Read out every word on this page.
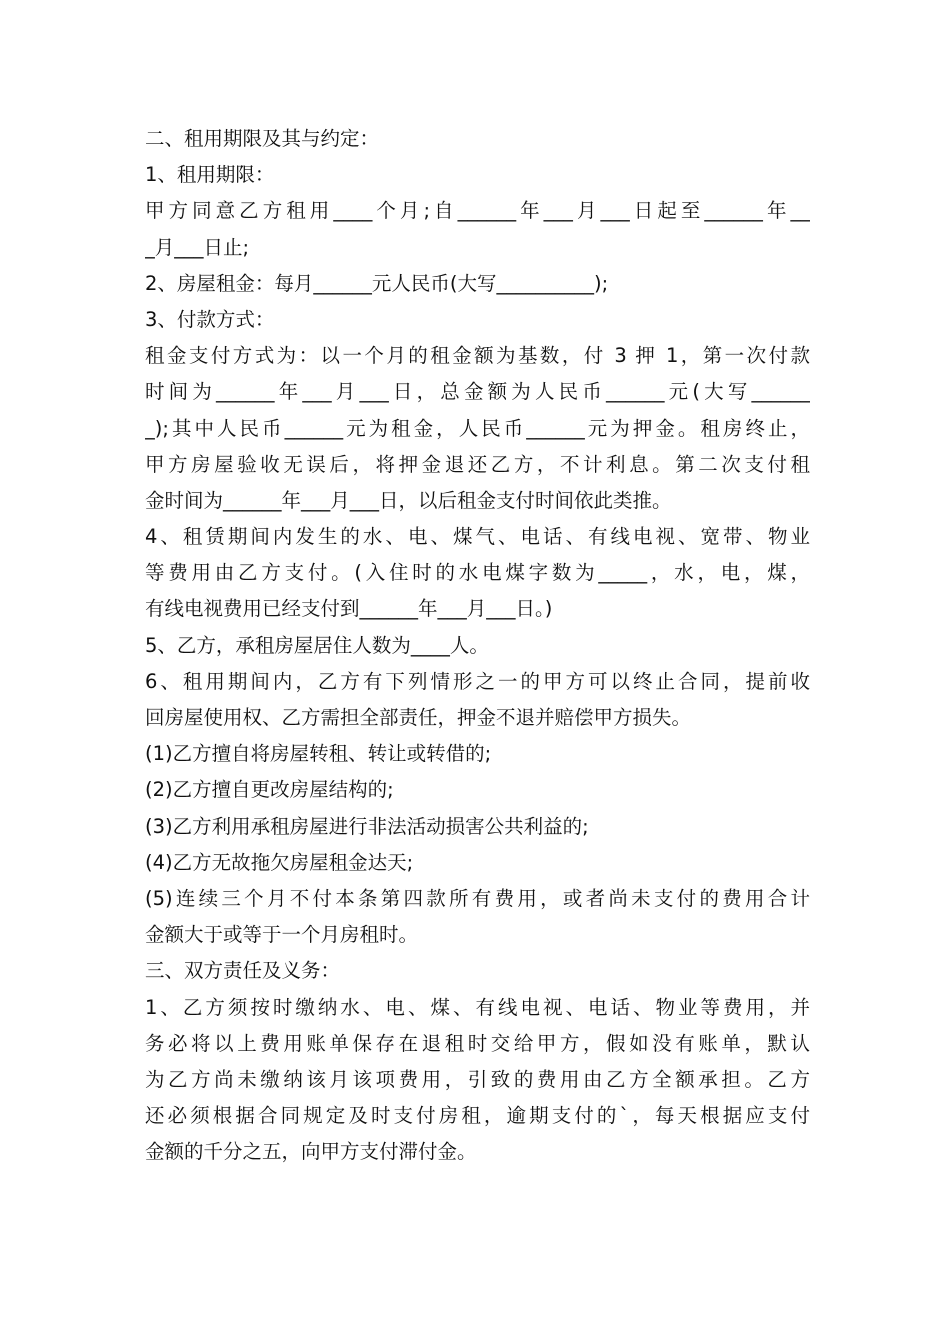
二、租用期限及其与约定：
1、租用期限：
甲方同意乙方租用____个月;自______年___月___日起至______年__
_月___日止;
2、房屋租金：每月______元人民币(大写__________);
3、付款方式：
租金支付方式为：以一个月的租金额为基数，付 3 押 1，第一次付款
时间为______年___月___日，总金额为人民币______元(大写______
_);其中人民币______元为租金，人民币______元为押金。租房终止，
甲方房屋验收无误后，将押金退还乙方，不计利息。第二次支付租
金时间为______年___月___日，以后租金支付时间依此类推。
4、租赁期间内发生的水、电、煤气、电话、有线电视、宽带、物业
等费用由乙方支付。(入住时的水电煤字数为_____，水，电，煤，
有线电视费用已经支付到______年___月___日。)
5、乙方，承租房屋居住人数为____人。
6、租用期间内，乙方有下列情形之一的甲方可以终止合同，提前收
回房屋使用权、乙方需担全部责任，押金不退并赔偿甲方损失。
(1)乙方擅自将房屋转租、转让或转借的;
(2)乙方擅自更改房屋结构的;
(3)乙方利用承租房屋进行非法活动损害公共利益的;
(4)乙方无故拖欠房屋租金达天;
(5)连续三个月不付本条第四款所有费用，或者尚未支付的费用合计
金额大于或等于一个月房租时。
三、双方责任及义务：
1、乙方须按时缴纳水、电、煤、有线电视、电话、物业等费用，并
务必将以上费用账单保存在退租时交给甲方，假如没有账单，默认
为乙方尚未缴纳该月该项费用，引致的费用由乙方全额承担。乙方
还必须根据合同规定及时支付房租，逾期支付的`，每天根据应支付
金额的千分之五，向甲方支付滞付金。
